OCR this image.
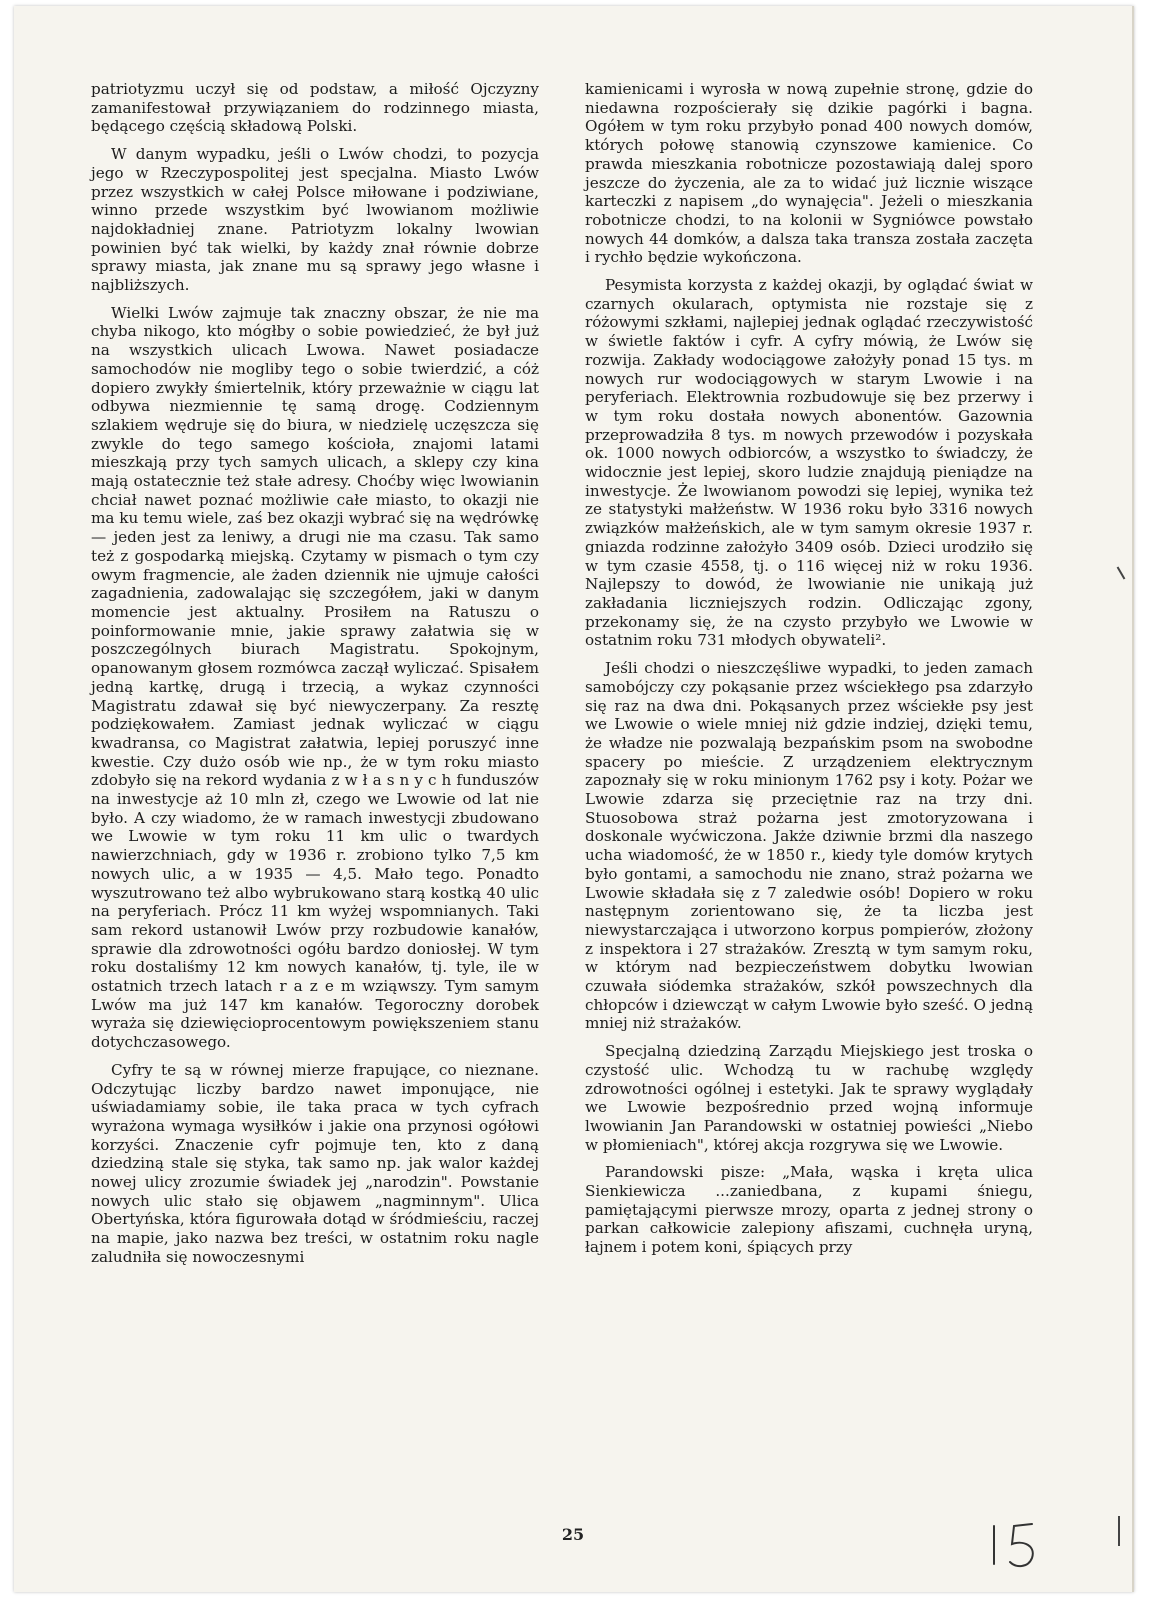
patriotyzmu uczył się od podstaw, a miłość Ojczyzny zamanifestował przywiązaniem do rodzinnego miasta, będącego częścią składową Polski.

W danym wypadku, jeśli o Lwów chodzi, to pozycja jego w Rzeczypospolitej jest specjalna. Miasto Lwów przez wszystkich w całej Polsce miłowane i podziwiane, winno przede wszystkim być lwowianom możliwie najdokładniej znane. Patriotyzm lokalny lwowian powinien być tak wielki, by każdy znał równie dobrze sprawy miasta, jak znane mu są sprawy jego własne i najbliższych.

Wielki Lwów zajmuje tak znaczny obszar, że nie ma chyba nikogo, kto mógłby o sobie powiedzieć, że był już na wszystkich ulicach Lwowa. Nawet posiadacze samochodów nie mogliby tego o sobie twierdzić, a cóż dopiero zwykły śmiertelnik, który przeważnie w ciągu lat odbywa niezmiennie tę samą drogę. Codziennym szlakiem wędruje się do biura, w niedzielę uczęszcza się zwykle do tego samego kościoła, znajomi latami mieszkają przy tych samych ulicach, a sklepy czy kina mają ostatecznie też stałe adresy. Choćby więc lwowianin chciał nawet poznać możliwie całe miasto, to okazji nie ma ku temu wiele, zaś bez okazji wybrać się na wędrówkę — jeden jest za leniwy, a drugi nie ma czasu. Tak samo też z gospodarką miejską. Czytamy w pismach o tym czy owym fragmencie, ale żaden dziennik nie ujmuje całości zagadnienia, zadowalając się szczegółem, jaki w danym momencie jest aktualny. Prosiłem na Ratuszu o poinformowanie mnie, jakie sprawy załatwia się w poszczególnych biurach Magistratu. Spokojnym, opanowanym głosem rozmówca zaczął wyliczać. Spisałem jedną kartkę, drugą i trzecią, a wykaz czynności Magistratu zdawał się być niewyczerpany. Za resztę podziękowałem. Zamiast jednak wyliczać w ciągu kwadransa, co Magistrat załatwia, lepiej poruszyć inne kwestie. Czy dużo osób wie np., że w tym roku miasto zdobyło się na rekord wydania z w ł a s n y c h funduszów na inwestycje aż 10 mln zł, czego we Lwowie od lat nie było. A czy wiadomo, że w ramach inwestycji zbudowano we Lwowie w tym roku 11 km ulic o twardych nawierzchniach, gdy w 1936 r. zrobiono tylko 7,5 km nowych ulic, a w 1935 — 4,5. Mało tego. Ponadto wyszutrowano też albo wybrukowano starą kostką 40 ulic na peryferiach. Prócz 11 km wyżej wspomnianych. Taki sam rekord ustanowił Lwów przy rozbudowie kanałów, sprawie dla zdrowotności ogółu bardzo doniosłej. W tym roku dostaliśmy 12 km nowych kanałów, tj. tyle, ile w ostatnich trzech latach r a z e m wziąwszy. Tym samym Lwów ma już 147 km kanałów. Tegoroczny dorobek wyraża się dziewięcioprocentowym powiększeniem stanu dotychczasowego.

Cyfry te są w równej mierze frapujące, co nieznane. Odczytując liczby bardzo nawet imponujące, nie uświadamiamy sobie, ile taka praca w tych cyfrach wyrażona wymaga wysiłków i jakie ona przynosi ogółowi korzyści. Znaczenie cyfr pojmuje ten, kto z daną dziedziną stale się styka, tak samo np. jak walor każdej nowej ulicy zrozumie świadek jej „narodzin". Powstanie nowych ulic stało się objawem „nagminnym". Ulica Obertyńska, która figurowała dotąd w śródmieściu, raczej na mapie, jako nazwa bez treści, w ostatnim roku nagle zaludniła się nowoczesnymi

kamienicami i wyrosła w nową zupełnie stronę, gdzie do niedawna rozpościerały się dzikie pagórki i bagna. Ogółem w tym roku przybyło ponad 400 nowych domów, których połowę stanowią czynszowe kamienice. Co prawda mieszkania robotnicze pozostawiają dalej sporo jeszcze do życzenia, ale za to widać już licznie wiszące karteczki z napisem „do wynajęcia". Jeżeli o mieszkania robotnicze chodzi, to na kolonii w Sygniówce powstało nowych 44 domków, a dalsza taka transza została zaczęta i rychło będzie wykończona.

Pesymista korzysta z każdej okazji, by oglądać świat w czarnych okularach, optymista nie rozstaje się z różowymi szkłami, najlepiej jednak oglądać rzeczywistość w świetle faktów i cyfr. A cyfry mówią, że Lwów się rozwija. Zakłady wodociągowe założyły ponad 15 tys. m nowych rur wodociągowych w starym Lwowie i na peryferiach. Elektrownia rozbudowuje się bez przerwy i w tym roku dostała nowych abonentów. Gazownia przeprowadziła 8 tys. m nowych przewodów i pozyskała ok. 1000 nowych odbiorców, a wszystko to świadczy, że widocznie jest lepiej, skoro ludzie znajdują pieniądze na inwestycje. Że lwowianom powodzi się lepiej, wynika też ze statystyki małżeństw. W 1936 roku było 3316 nowych związków małżeńskich, ale w tym samym okresie 1937 r. gniazda rodzinne założyło 3409 osób. Dzieci urodziło się w tym czasie 4558, tj. o 116 więcej niż w roku 1936. Najlepszy to dowód, że lwowianie nie unikają już zakładania liczniejszych rodzin. Odliczając zgony, przekonamy się, że na czysto przybyło we Lwowie w ostatnim roku 731 młodych obywateli².

Jeśli chodzi o nieszczęśliwe wypadki, to jeden zamach samobójczy czy pokąsanie przez wściekłego psa zdarzyło się raz na dwa dni. Pokąsanych przez wściekłe psy jest we Lwowie o wiele mniej niż gdzie indziej, dzięki temu, że władze nie pozwalają bezpańskim psom na swobodne spacery po mieście. Z urządzeniem elektrycznym zapoznały się w roku minionym 1762 psy i koty. Pożar we Lwowie zdarza się przeciętnie raz na trzy dni. Stuosobowa straż pożarna jest zmotoryzowana i doskonale wyćwiczona. Jakże dziwnie brzmi dla naszego ucha wiadomość, że w 1850 r., kiedy tyle domów krytych było gontami, a samochodu nie znano, straż pożarna we Lwowie składała się z 7 zaledwie osób! Dopiero w roku następnym zorientowano się, że ta liczba jest niewystarczająca i utworzono korpus pompierów, złożony z inspektora i 27 strażaków. Zresztą w tym samym roku, w którym nad bezpieczeństwem dobytku lwowian czuwała siódemka strażaków, szkół powszechnych dla chłopców i dziewcząt w całym Lwowie było sześć. O jedną mniej niż strażaków.

Specjalną dziedziną Zarządu Miejskiego jest troska o czystość ulic. Wchodzą tu w rachubę względy zdrowotności ogólnej i estetyki. Jak te sprawy wyglądały we Lwowie bezpośrednio przed wojną informuje lwowianin Jan Parandowski w ostatniej powieści „Niebo w płomieniach", której akcja rozgrywa się we Lwowie.

Parandowski pisze: „Mała, wąska i kręta ulica Sienkiewicza ...zaniedbana, z kupami śniegu, pamiętającymi pierwsze mrozy, oparta z jednej strony o parkan całkowicie zalepiony afiszami, cuchnęła uryną, łajnem i potem koni, śpiących przy

25
